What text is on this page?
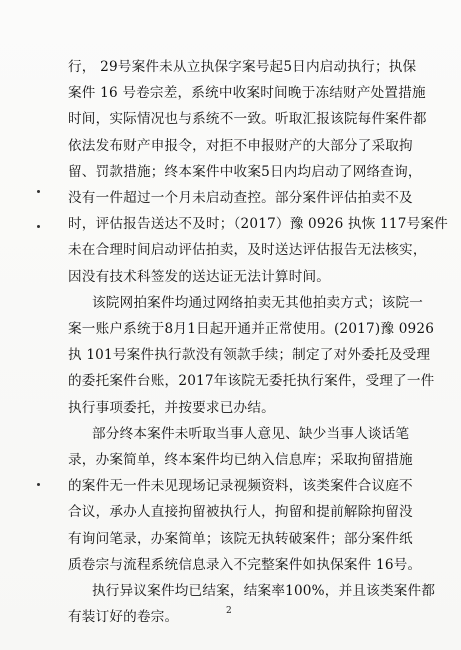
行， 29号案件未从立执保字案号起5日内启动执行；执保
案件 16 号卷宗差，系统中收案时间晚于冻结财产处置措施
时间，实际情况也与系统不一致。听取汇报该院每件案件都
依法发布财产申报令，对拒不申报财产的大部分了采取拘
留、罚款措施；终本案件中收案5日内均启动了网络查询，
没有一件超过一个月未启动查控。部分案件评估拍卖不及
时，评估报告送达不及时；（2017）豫 0926 执恢 117号案件
未在合理时间启动评估拍卖，及时送达评估报告无法核实，
因没有技术科签发的送达证无法计算时间。
该院网拍案件均通过网络拍卖无其他拍卖方式；该院一
案一账户系统于8月1日起开通并正常使用。(2017)豫 0926
执 101号案件执行款没有领款手续；制定了对外委托及受理
的委托案件台账，2017年该院无委托执行案件，受理了一件
执行事项委托，并按要求已办结。
部分终本案件未听取当事人意见、缺少当事人谈话笔
录，办案简单，终本案件均已纳入信息库；采取拘留措施
的案件无一件未见现场记录视频资料，该类案件合议庭不
合议，承办人直接拘留被执行人，拘留和提前解除拘留没
有询问笔录，办案简单；该院无执转破案件；部分案件纸
质卷宗与流程系统信息录入不完整案件如执保案件 16号。
执行异议案件均已结案，结案率100%，并且该类案件都
有装订好的卷宗。	2
